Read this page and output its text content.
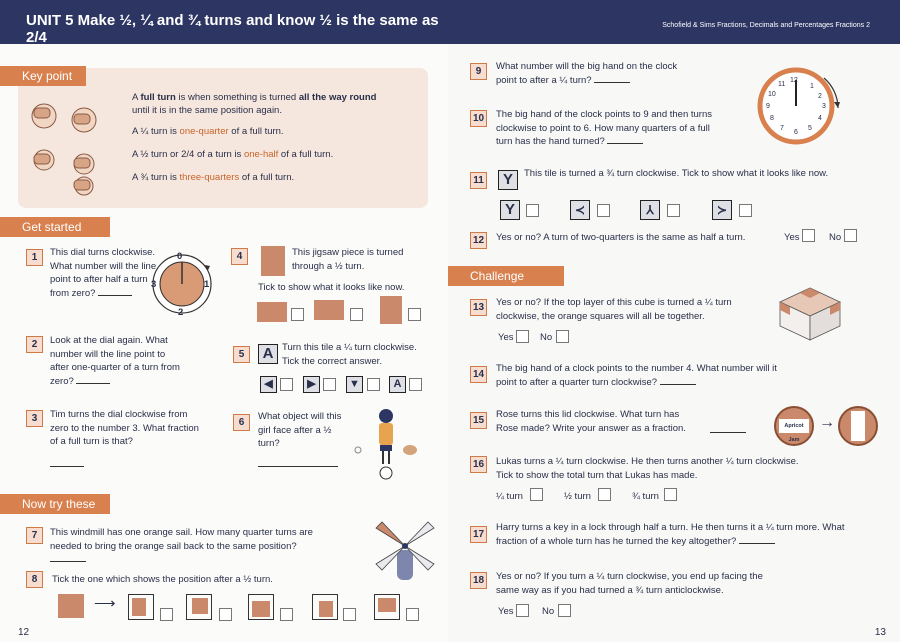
UNIT 5 Make ½, ¼ and ¾ turns and know ½ is the same as 2/4
Key point
A full turn is when something is turned all the way round
until it is in the same position again.
A ¼ turn is one-quarter of a full turn.
A ½ turn or 2/4 of a turn is one-half of a full turn.
A ¾ turn is three-quarters of a full turn.
Get started
1	This dial turns clockwise. What number will the line point to after half a turn from zero?
0
1
2
3
4	This jigsaw piece is turned through a ½ turn.
Tick to show what it looks like now.
2	Look at the dial again. What number will the line point to after one-quarter of a turn from zero?
5	A Turn this tile a ¼ turn clockwise.
Tick the correct answer.
◀	▶	▼	A
3	Tim turns the dial clockwise from zero to the number 3. What fraction of a full turn is that?
6
What object will this girl face after a ½ turn?
Now try these
7	This windmill has one orange sail. How many quarter turns are needed to bring the orange sail back to the same position?
8	Tick the one which shows the position after a ½ turn.
⟶
12
Schofield & Sims Fractions, Decimals and Percentages Fractions 2
9	What number will the big hand on the clock point to after a ¼ turn?	12
1
2
3
4
5
6
7
8
9
10
11
10	The big hand of the clock points to 9 and then turns clockwise to point to 6. How many quarters of a full turn has the hand turned?
11	Y	This tile is turned a ¾ turn clockwise. Tick to show what it looks like now.
Y	≺	⅄	≻
12	Yes or no? A turn of two-quarters is the same as half a turn.	Yes	No
Challenge
13	Yes or no? If the top layer of this cube is turned a ¼ turn clockwise, the orange squares will all be together.
Yes	No
14
The big hand of a clock points to the number 4. What number will it point to after a quarter turn clockwise?
15
Rose turns this lid clockwise. What turn has Rose made? Write your answer as a fraction.	Apricot Jam
→
16	Lukas turns a ¼ turn clockwise. He then turns another ¼ turn clockwise.
Tick to show the total turn that Lukas has made.
¼ turn	½ turn	¾ turn
17
Harry turns a key in a lock through half a turn. He then turns it a ¼ turn more. What fraction of a whole turn has he turned the key altogether?
18	Yes or no? If you turn a ¼ turn clockwise, you end up facing the same way as if you had turned a ¾ turn anticlockwise.
Yes	No
13
